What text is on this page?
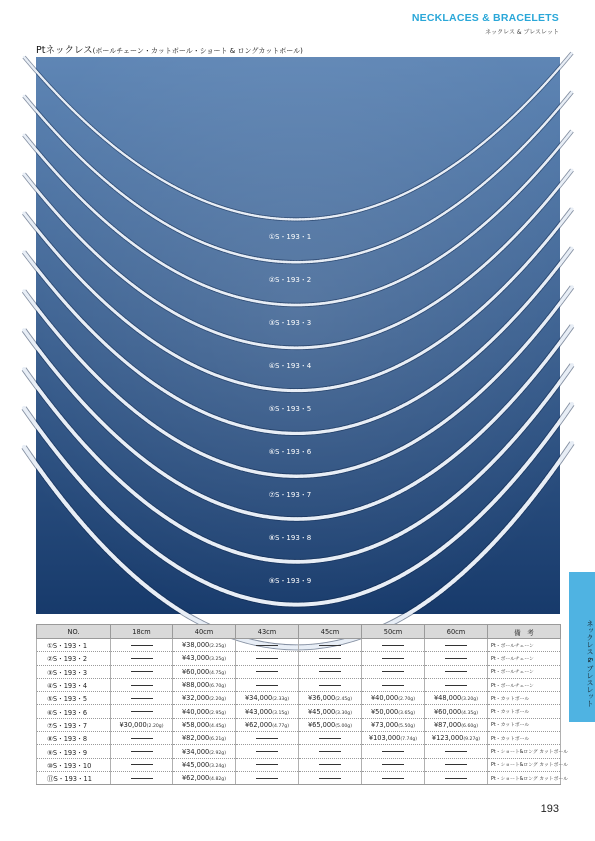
NECKLACES & BRACELETS
ネックレス & ブレスレット
Ptネックレス(ボールチェーン・カットボール・ショート & ロングカットボール)
①S・193・1
②S・193・2
③S・193・3
④S・193・4
⑤S・193・5
⑥S・193・6
⑦S・193・7
⑧S・193・8
⑨S・193・9
⑪S・193・11	ネックレス & ブレスレット
NO.	18cm	40cm	43cm	45cm	50cm	60cm	備　考
①S・193・1		¥38,000(2.25g)					Pt・ボールチェーン
②S・193・2		¥43,000(3.25g)					Pt・ボールチェーン
③S・193・3		¥60,000(4.75g)					Pt・ボールチェーン
④S・193・4		¥88,000(6.70g)					Pt・ボールチェーン
⑤S・193・5		¥32,000(2.20g)	¥34,000(2.33g)	¥36,000(2.45g)	¥40,000(2.70g)	¥48,000(3.20g)	Pt・カットボール
⑥S・193・6		¥40,000(2.95g)	¥43,000(3.15g)	¥45,000(3.30g)	¥50,000(3.65g)	¥60,000(4.35g)	Pt・カットボール
⑦S・193・7	¥30,000(2.20g)	¥58,000(4.45g)	¥62,000(4.77g)	¥65,000(5.00g)	¥73,000(5.50g)	¥87,000(6.60g)	Pt・カットボール
⑧S・193・8		¥82,000(6.21g)			¥103,000(7.74g)	¥123,000(9.27g)	Pt・カットボール
⑨S・193・9		¥34,000(2.92g)					Pt・ショート&ロング カットボール
⑩S・193・10		¥45,000(3.24g)					Pt・ショート&ロング カットボール
⑪S・193・11		¥62,000(4.82g)					Pt・ショート&ロング カットボール
193
